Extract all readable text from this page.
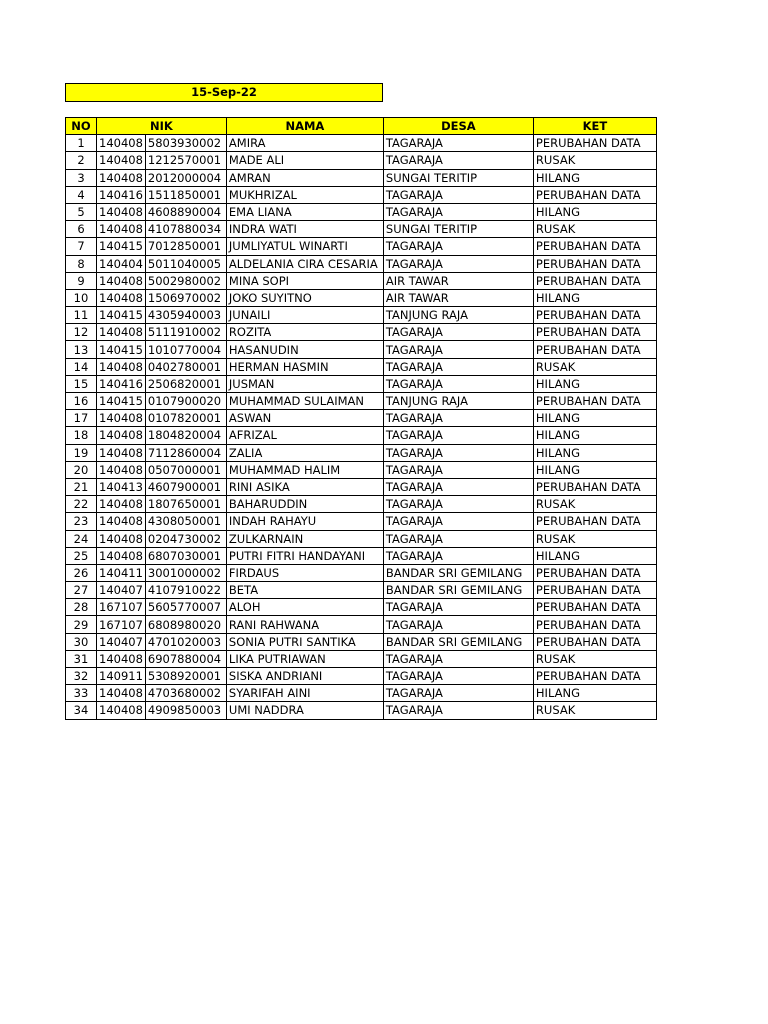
15-Sep-22
NO	NIK		NAMA	DESA	KET
1	140408	5803930002	AMIRA	TAGARAJA	PERUBAHAN DATA
2	140408	1212570001	MADE ALI	TAGARAJA	RUSAK
3	140408	2012000004	AMRAN	SUNGAI TERITIP	HILANG
4	140416	1511850001	MUKHRIZAL	TAGARAJA	PERUBAHAN DATA
5	140408	4608890004	EMA LIANA	TAGARAJA	HILANG
6	140408	4107880034	INDRA WATI	SUNGAI TERITIP	RUSAK
7	140415	7012850001	JUMLIYATUL WINARTI	TAGARAJA	PERUBAHAN DATA
8	140404	5011040005	ALDELANIA CIRA CESARIA	TAGARAJA	PERUBAHAN DATA
9	140408	5002980002	MINA SOPI	AIR TAWAR	PERUBAHAN DATA
10	140408	1506970002	JOKO SUYITNO	AIR TAWAR	HILANG
11	140415	4305940003	JUNAILI	TANJUNG RAJA	PERUBAHAN DATA
12	140408	5111910002	ROZITA	TAGARAJA	PERUBAHAN DATA
13	140415	1010770004	HASANUDIN	TAGARAJA	PERUBAHAN DATA
14	140408	0402780001	HERMAN HASMIN	TAGARAJA	RUSAK
15	140416	2506820001	JUSMAN	TAGARAJA	HILANG
16	140415	0107900020	MUHAMMAD SULAIMAN	TANJUNG RAJA	PERUBAHAN DATA
17	140408	0107820001	ASWAN	TAGARAJA	HILANG
18	140408	1804820004	AFRIZAL	TAGARAJA	HILANG
19	140408	7112860004	ZALIA	TAGARAJA	HILANG
20	140408	0507000001	MUHAMMAD HALIM	TAGARAJA	HILANG
21	140413	4607900001	RINI ASIKA	TAGARAJA	PERUBAHAN DATA
22	140408	1807650001	BAHARUDDIN	TAGARAJA	RUSAK
23	140408	4308050001	INDAH RAHAYU	TAGARAJA	PERUBAHAN DATA
24	140408	0204730002	ZULKARNAIN	TAGARAJA	RUSAK
25	140408	6807030001	PUTRI FITRI HANDAYANI	TAGARAJA	HILANG
26	140411	3001000002	FIRDAUS	BANDAR SRI GEMILANG	PERUBAHAN DATA
27	140407	4107910022	BETA	BANDAR SRI GEMILANG	PERUBAHAN DATA
28	167107	5605770007	ALOH	TAGARAJA	PERUBAHAN DATA
29	167107	6808980020	RANI RAHWANA	TAGARAJA	PERUBAHAN DATA
30	140407	4701020003	SONIA PUTRI SANTIKA	BANDAR SRI GEMILANG	PERUBAHAN DATA
31	140408	6907880004	LIKA PUTRIAWAN	TAGARAJA	RUSAK
32	140911	5308920001	SISKA ANDRIANI	TAGARAJA	PERUBAHAN DATA
33	140408	4703680002	SYARIFAH AINI	TAGARAJA	HILANG
34	140408	4909850003	UMI NADDRA	TAGARAJA	RUSAK
